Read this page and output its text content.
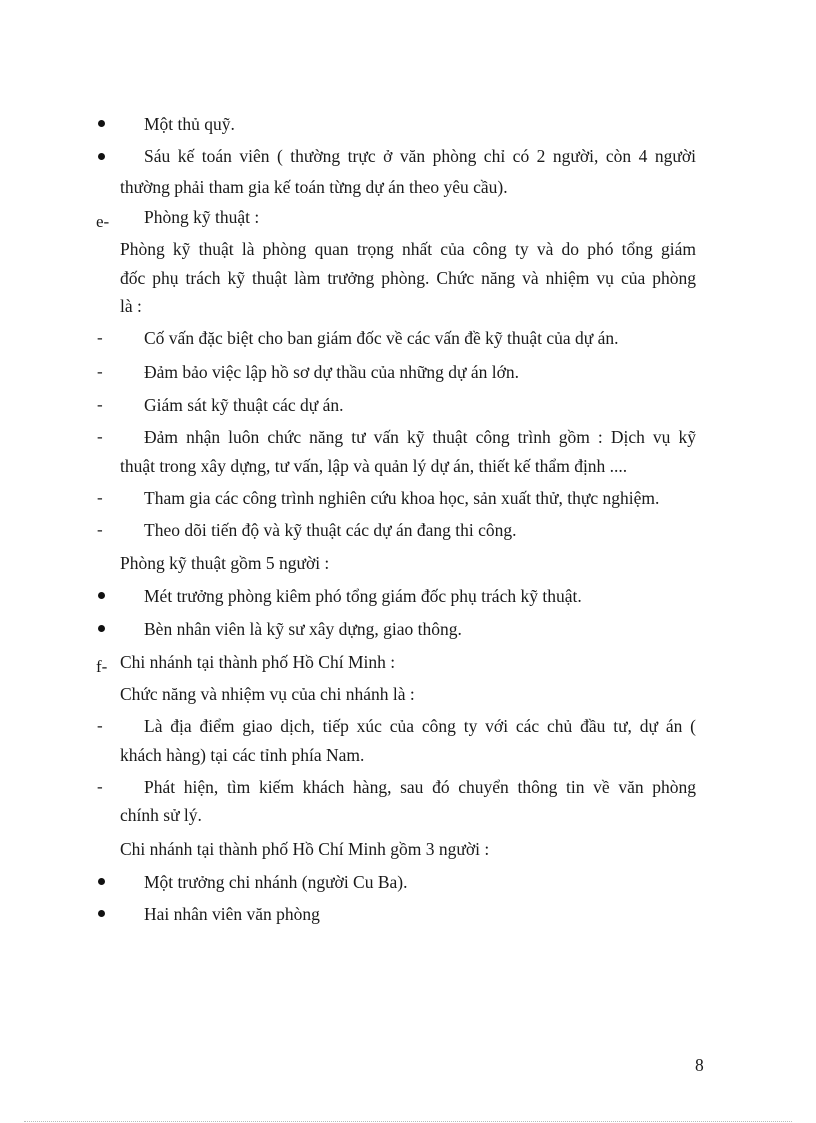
Một thủ quỹ.
Sáu kế toán viên ( thường trực ở văn phòng chỉ có 2 người, còn 4 người
thường phải tham gia kế toán từng dự án theo yêu cầu).
e- Phòng kỹ thuật :
Phòng kỹ thuật là phòng quan trọng nhất của công ty và do phó tổng giám
đốc phụ trách kỹ thuật làm trưởng phòng. Chức năng và nhiệm vụ của phòng
là :
- Cố vấn đặc biệt cho ban giám đốc về các vấn đề kỹ thuật của dự án.
- Đảm bảo việc lập hồ sơ dự thầu của những dự án lớn.
- Giám sát kỹ thuật các dự án.
- Đảm nhận luôn chức năng tư vấn kỹ thuật công trình gồm : Dịch vụ kỹ
thuật trong xây dựng, tư vấn, lập và quản lý dự án, thiết kế thẩm định ....
- Tham gia các công trình nghiên cứu khoa học, sản xuất thử, thực nghiệm.
- Theo dõi tiến độ và kỹ thuật các dự án đang thi công.
Phòng kỹ thuật gồm 5 người :
Mét trưởng phòng kiêm phó tổng giám đốc phụ trách kỹ thuật.
Bèn nhân viên là kỹ sư xây dựng, giao thông.
f- Chi nhánh tại thành phố Hồ Chí Minh :
Chức năng và nhiệm vụ của chi nhánh là :
- Là địa điểm giao dịch, tiếp xúc của công ty với các chủ đầu tư, dự án (
khách hàng) tại các tỉnh phía Nam.
- Phát hiện, tìm kiếm khách hàng, sau đó chuyển thông tin về văn phòng
chính sử lý.
Chi nhánh tại thành phố Hồ Chí Minh gồm 3 người :
Một trưởng chi nhánh (người Cu Ba).
Hai nhân viên văn phòng
8
